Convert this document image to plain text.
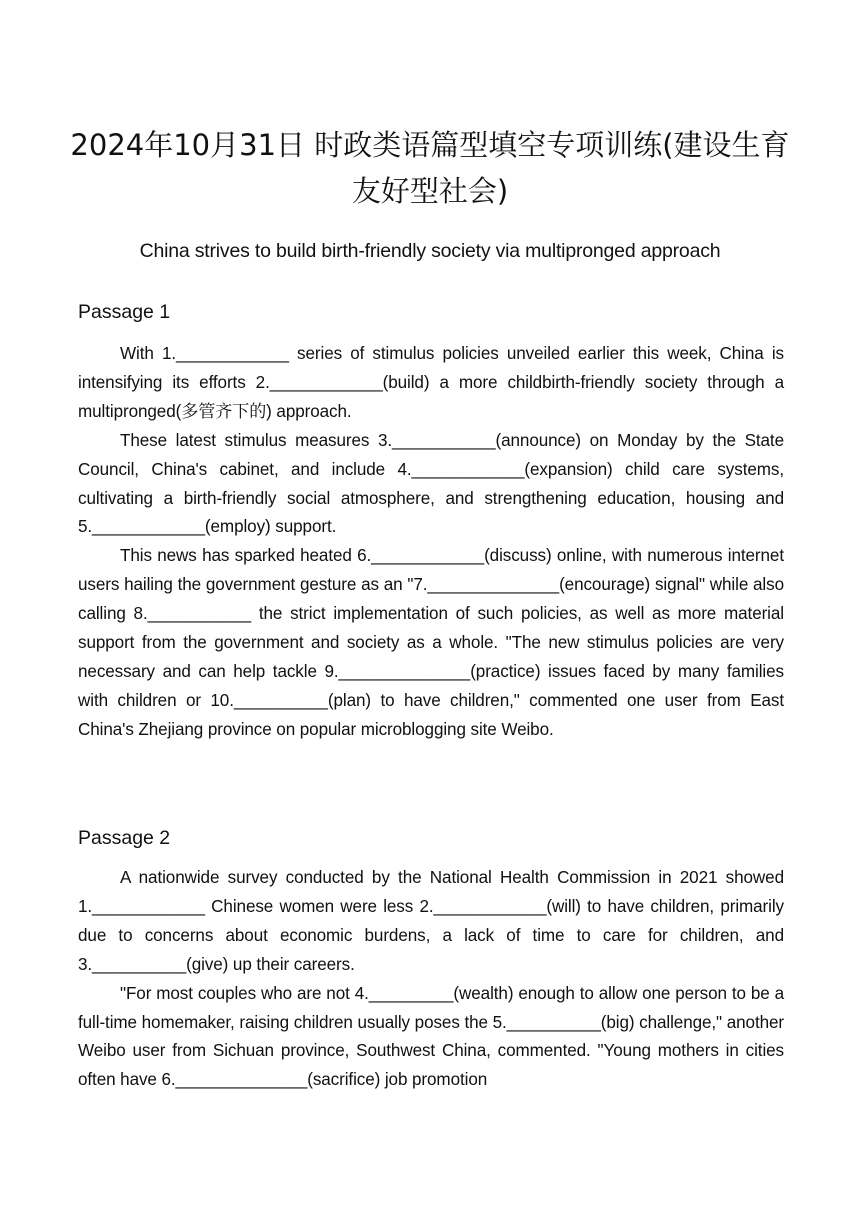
2024年10月31日 时政类语篇型填空专项训练(建设生育友好型社会)
China strives to build birth-friendly society via multipronged approach
Passage 1

With 1.____________ series of stimulus policies unveiled earlier this week, China is intensifying its efforts 2.____________(build) a more childbirth-friendly society through a multipronged(多管齐下的) approach.

These latest stimulus measures 3.___________(announce) on Monday by the State Council, China's cabinet, and include 4.____________(expansion) child care systems, cultivating a birth-friendly social atmosphere, and strengthening education, housing and 5.____________(employ) support.

This news has sparked heated 6.____________(discuss) online, with numerous internet users hailing the government gesture as an "7.______________(encourage) signal" while also calling 8.___________ the strict implementation of such policies, as well as more material support from the government and society as a whole. "The new stimulus policies are very necessary and can help tackle 9.______________(practice) issues faced by many families with children or 10.__________(plan) to have children," commented one user from East China's Zhejiang province on popular microblogging site Weibo.

Passage 2

A nationwide survey conducted by the National Health Commission in 2021 showed 1.____________ Chinese women were less 2.____________(will) to have children, primarily due to concerns about economic burdens, a lack of time to care for children, and 3.__________(give) up their careers.

"For most couples who are not 4._________(wealth) enough to allow one person to be a full-time homemaker, raising children usually poses the 5.__________(big) challenge," another Weibo user from Sichuan province, Southwest China, commented. "Young mothers in cities often have 6.______________(sacrifice) job promotion
